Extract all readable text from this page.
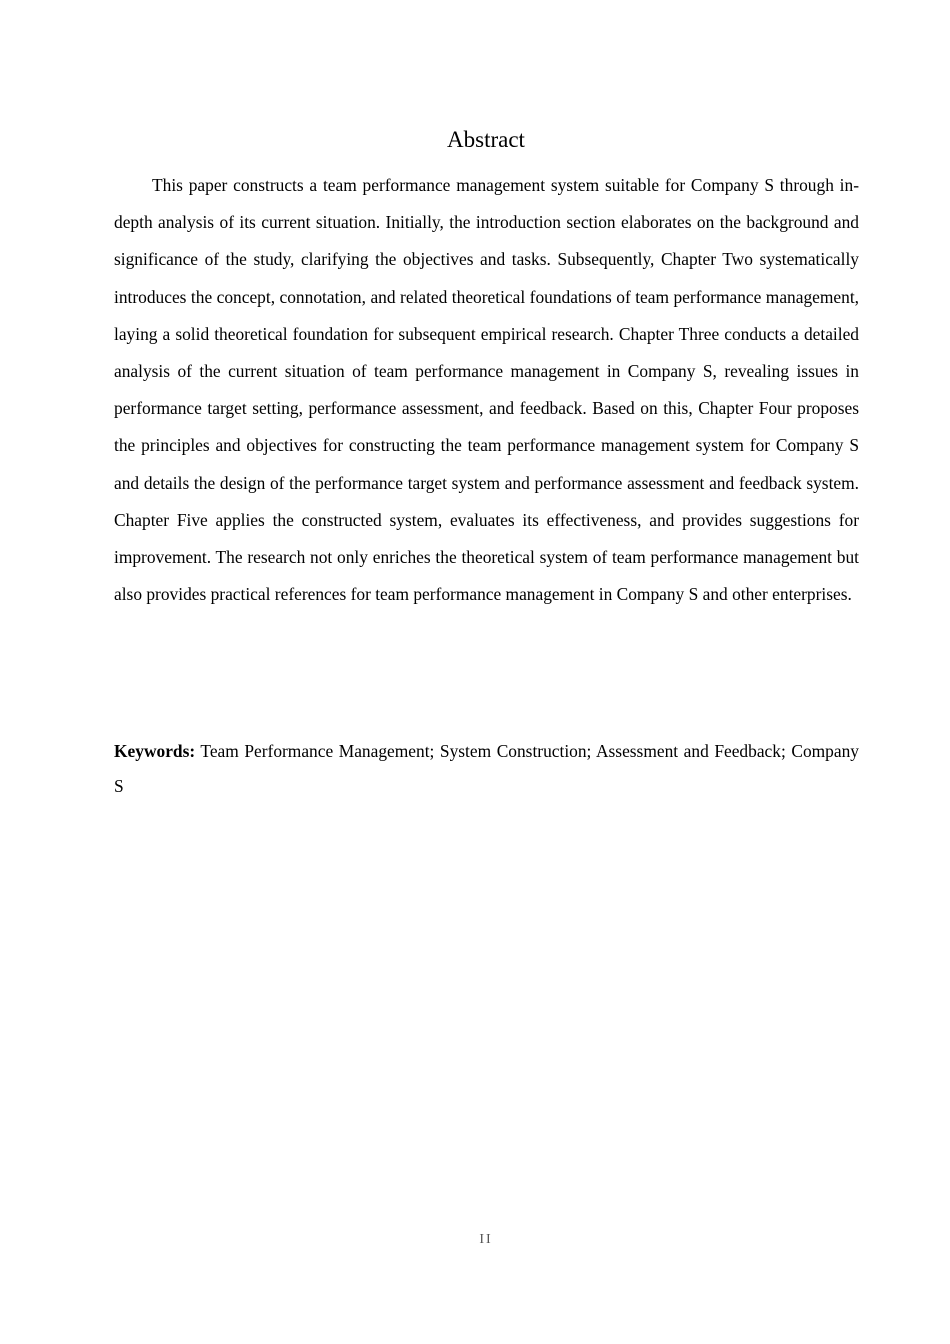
Abstract

This paper constructs a team performance management system suitable for Company S through in-depth analysis of its current situation. Initially, the introduction section elaborates on the background and significance of the study, clarifying the objectives and tasks. Subsequently, Chapter Two systematically introduces the concept, connotation, and related theoretical foundations of team performance management, laying a solid theoretical foundation for subsequent empirical research. Chapter Three conducts a detailed analysis of the current situation of team performance management in Company S, revealing issues in performance target setting, performance assessment, and feedback. Based on this, Chapter Four proposes the principles and objectives for constructing the team performance management system for Company S and details the design of the performance target system and performance assessment and feedback system. Chapter Five applies the constructed system, evaluates its effectiveness, and provides suggestions for improvement. The research not only enriches the theoretical system of team performance management but also provides practical references for team performance management in Company S and other enterprises.

Keywords: Team Performance Management; System Construction; Assessment and Feedback; Company S

II
